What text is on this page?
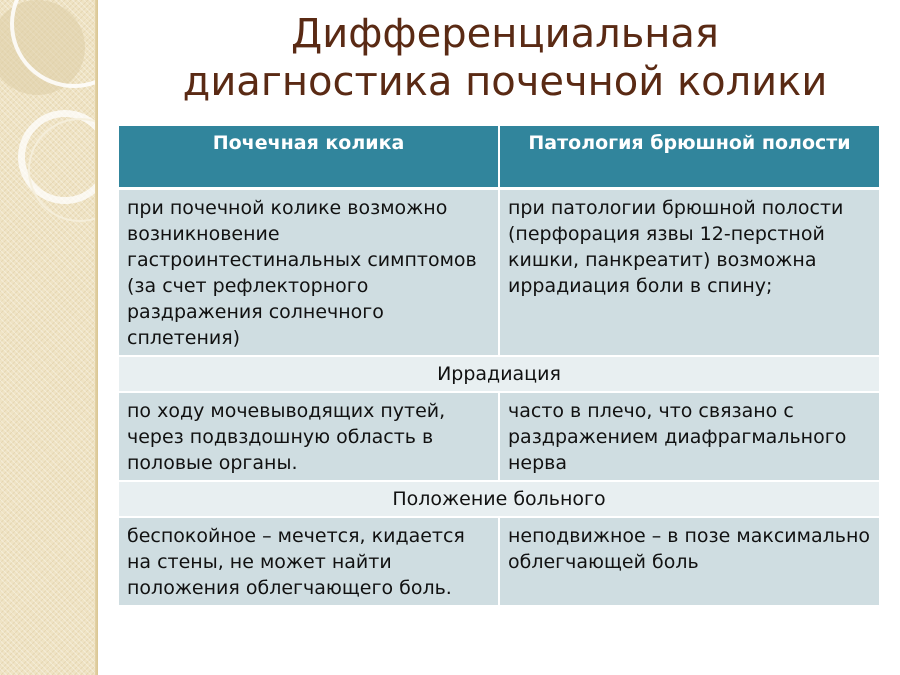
Дифференциальная
диагностика почечной колики
Почечная колика	Патология брюшной полости
при почечной колике возможно возникновение гастроинтестинальных симптомов (за счет рефлекторного раздражения солнечного сплетения)	при патологии брюшной полости (перфорация язвы 12-перстной кишки, панкреатит) возможна иррадиация боли в спину;
Иррадиация	
по ходу мочевыводящих путей, через подвздошную область в половые органы.	часто в плечо, что связано с раздражением диафрагмального нерва
Положение больного	
беспокойное – мечется, кидается на стены, не может найти положения облегчающего боль.	неподвижное – в позе максимально облегчающей боль
